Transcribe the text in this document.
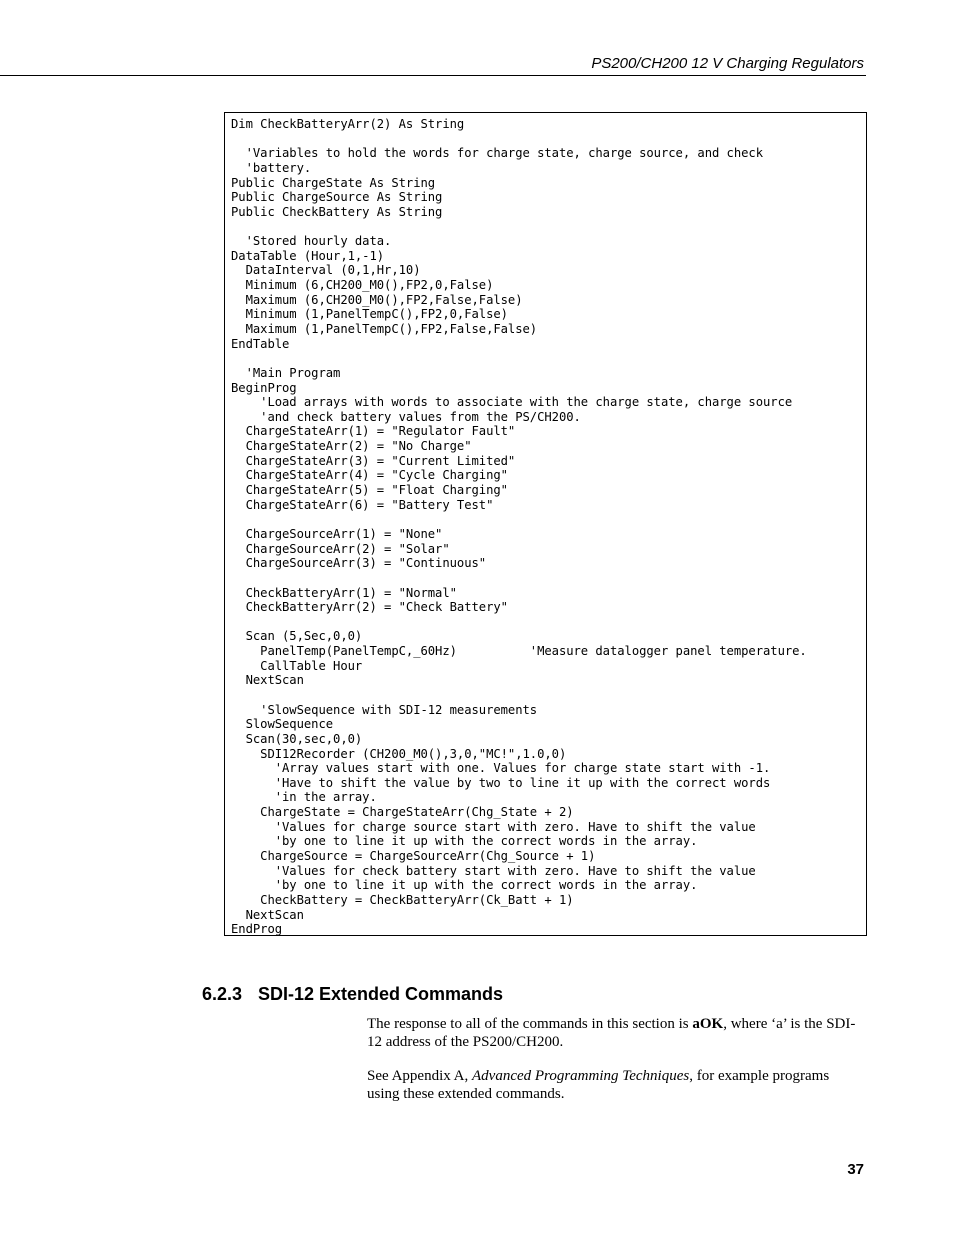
PS200/CH200 12 V Charging Regulators
Dim CheckBatteryArr(2) As String
'Variables to hold the words for charge state, charge source, and check
'battery.
Public ChargeState As String
Public ChargeSource As String
Public CheckBattery As String
'Stored hourly data.
DataTable (Hour,1,-1)
DataInterval (0,1,Hr,10)
Minimum (6,CH200_M0(),FP2,0,False)
Maximum (6,CH200_M0(),FP2,False,False)
Minimum (1,PanelTempC(),FP2,0,False)
Maximum (1,PanelTempC(),FP2,False,False)
EndTable
'Main Program
BeginProg
'Load arrays with words to associate with the charge state, charge source
'and check battery values from the PS/CH200.
ChargeStateArr(1) = "Regulator Fault"
ChargeStateArr(2) = "No Charge"
ChargeStateArr(3) = "Current Limited"
ChargeStateArr(4) = "Cycle Charging"
ChargeStateArr(5) = "Float Charging"
ChargeStateArr(6) = "Battery Test"
ChargeSourceArr(1) = "None"
ChargeSourceArr(2) = "Solar"
ChargeSourceArr(3) = "Continuous"
CheckBatteryArr(1) = "Normal"
CheckBatteryArr(2) = "Check Battery"
Scan (5,Sec,0,0)
PanelTemp(PanelTempC,_60Hz)          'Measure datalogger panel temperature.
CallTable Hour
NextScan
'SlowSequence with SDI-12 measurements
SlowSequence
Scan(30,sec,0,0)
SDI12Recorder (CH200_M0(),3,0,"MC!",1.0,0)
'Array values start with one. Values for charge state start with -1.
'Have to shift the value by two to line it up with the correct words
'in the array.
ChargeState = ChargeStateArr(Chg_State + 2)
'Values for charge source start with zero. Have to shift the value
'by one to line it up with the correct words in the array.
ChargeSource = ChargeSourceArr(Chg_Source + 1)
'Values for check battery start with zero. Have to shift the value
'by one to line it up with the correct words in the array.
CheckBattery = CheckBatteryArr(Ck_Batt + 1)
NextScan
EndProg
6.2.3 SDI-12 Extended Commands
The response to all of the commands in this section is aOK, where ‘a’ is the SDI-12 address of the PS200/CH200.
See Appendix A, Advanced Programming Techniques, for example programs using these extended commands.
37
